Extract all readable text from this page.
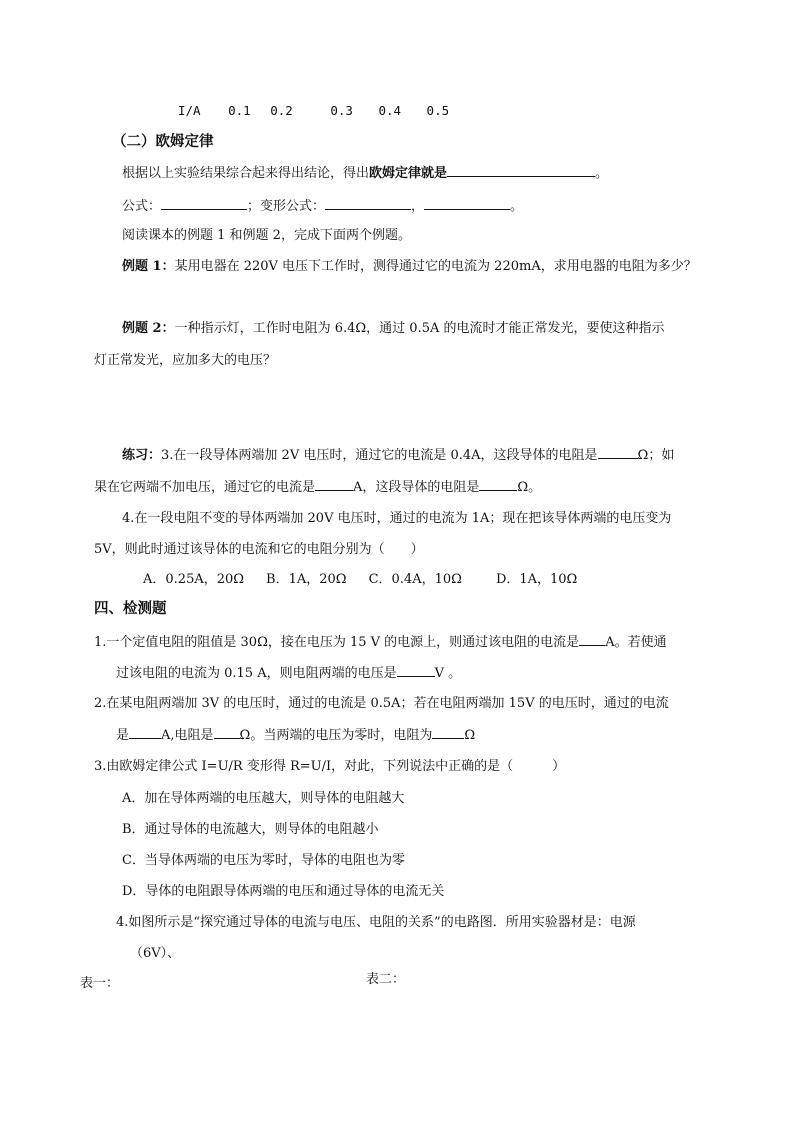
I/A 0.1 0.2	0.3 0.4 0.5
（二）欧姆定律
根据以上实验结果综合起来得出结论，得出欧姆定律就是	。
公式：	；变形公式：	，	。
阅读课本的例题 1 和例题 2，完成下面两个例题。
例题 1：某用电器在 220V 电压下工作时，测得通过它的电流为 220mA，求用电器的电阻为多少？
例题 2：一种指示灯，工作时电阻为 6.4Ω，通过 0.5A 的电流时才能正常发光，要使这种指示
灯正常发光，应加多大的电压？
练习：3.在一段导体两端加 2V 电压时，通过它的电流是 0.4A，这段导体的电阻是	Ω；如
果在它两端不加电压，通过它的电流是	A，这段导体的电阻是	Ω。
4.在一段电阻不变的导体两端加 20V 电压时，通过的电流为 1A；现在把该导体两端的电压变为
5V，则此时通过该导体的电流和它的电阻分别为（　　）
A．0.25A，20Ω B．1A，20Ω C．0.4A，10Ω	D．1A，10Ω
四、检测题
1.一个定值电阻的阻值是 30Ω，接在电压为 15 V 的电源上，则通过该电阻的电流是 A。若使通
过该电阻的电流为 0.15 A，则电阻两端的电压是	V 。
2.在某电阻两端加 3V 的电压时，通过的电流是 0.5A；若在电阻两端加 15V 的电压时，通过的电流
是 A,电阻是 Ω。当两端的电压为零时，电阻为 Ω
3.由欧姆定律公式 I=U/R 变形得 R=U/I，对此，下列说法中正确的是（　　　）
A．加在导体两端的电压越大，则导体的电阻越大
B．通过导体的电流越大，则导体的电阻越小
C．当导体两端的电压为零时，导体的电阻也为零
D．导体的电阻跟导体两端的电压和通过导体的电流无关
4.如图所示是“探究通过导体的电流与电压、电阻的关系”的电路图．所用实验器材是：电源
（6V）、
表一：	表二：
